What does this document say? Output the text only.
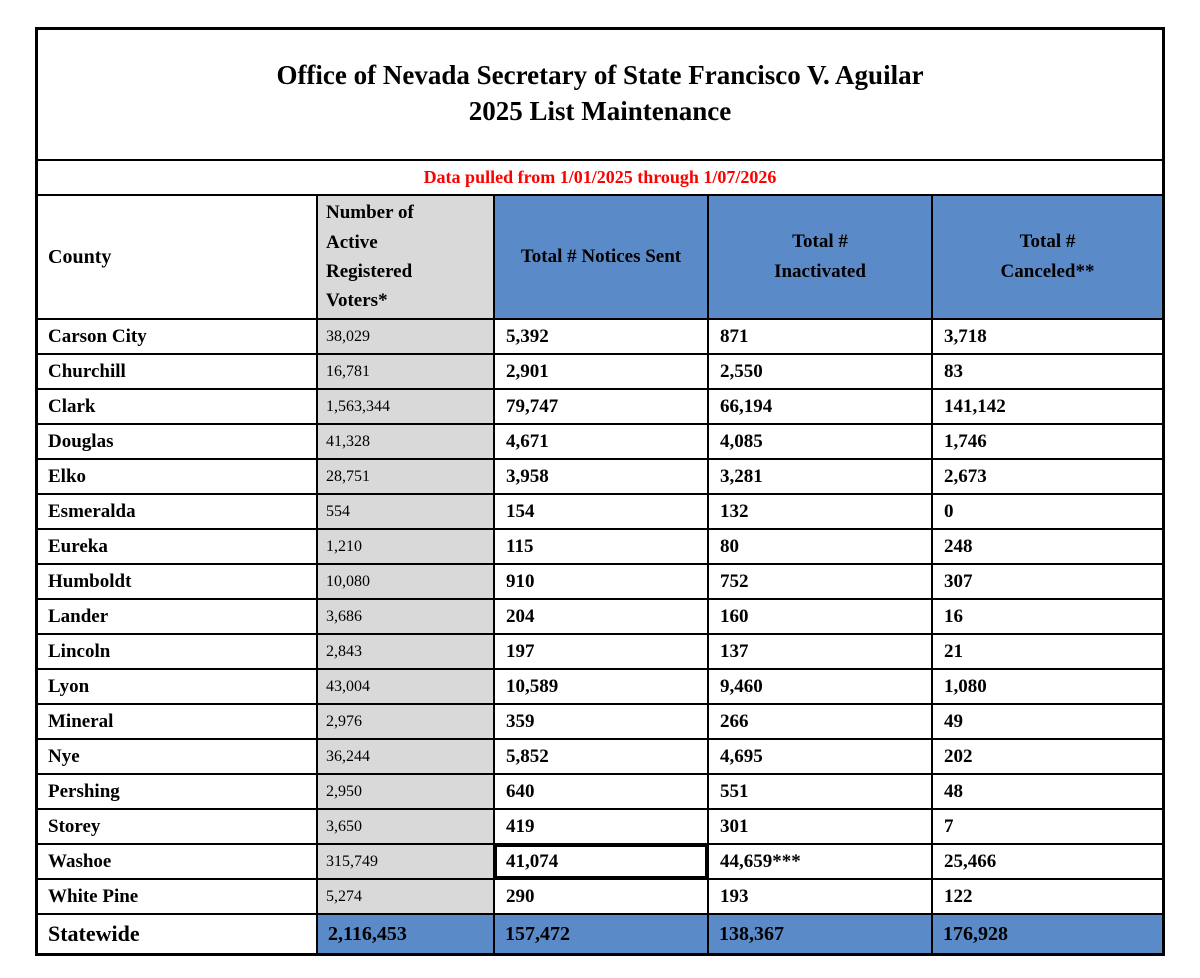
Office of Nevada Secretary of State Francisco V. Aguilar
2025 List Maintenance
Data pulled from 1/01/2025 through 1/07/2026
County	Number of Active Registered Voters*	Total # Notices Sent	Total # Inactivated	Total # Canceled**
Carson City	38,029	5,392	871	3,718
Churchill	16,781	2,901	2,550	83
Clark	1,563,344	79,747	66,194	141,142
Douglas	41,328	4,671	4,085	1,746
Elko	28,751	3,958	3,281	2,673
Esmeralda	554	154	132	0
Eureka	1,210	115	80	248
Humboldt	10,080	910	752	307
Lander	3,686	204	160	16
Lincoln	2,843	197	137	21
Lyon	43,004	10,589	9,460	1,080
Mineral	2,976	359	266	49
Nye	36,244	5,852	4,695	202
Pershing	2,950	640	551	48
Storey	3,650	419	301	7
Washoe	315,749	41,074	44,659***	25,466
White Pine	5,274	290	193	122
Statewide	2,116,453	157,472	138,367	176,928
